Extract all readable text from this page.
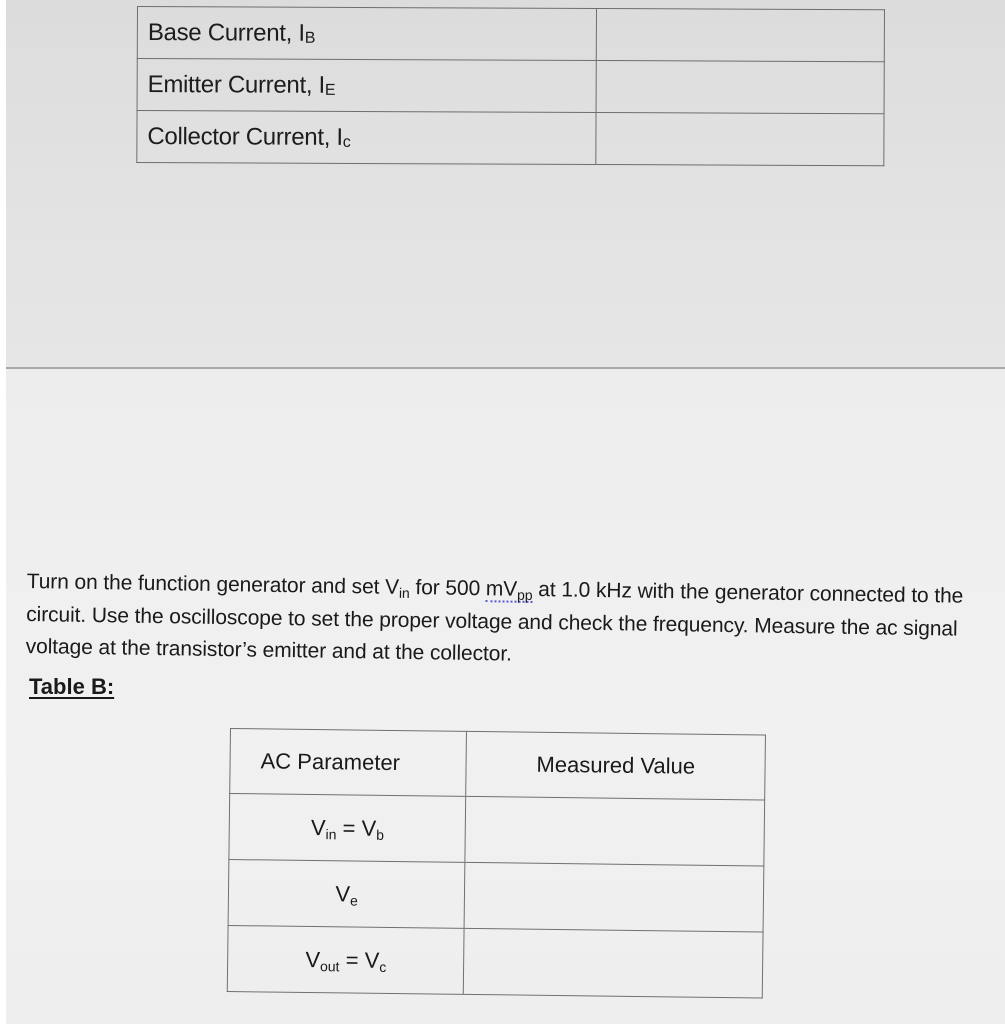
Base Current, IB	
Emitter Current, IE	
Collector Current, Ic	
Turn on the function generator and set Vin for 500 mVpp at 1.0 kHz with the generator connected to the circuit. Use the oscilloscope to set the proper voltage and check the frequency. Measure the ac signal voltage at the transistor’s emitter and at the collector.
Table B:
AC Parameter	Measured Value
Vin = Vb	
Ve	
Vout = Vc	
